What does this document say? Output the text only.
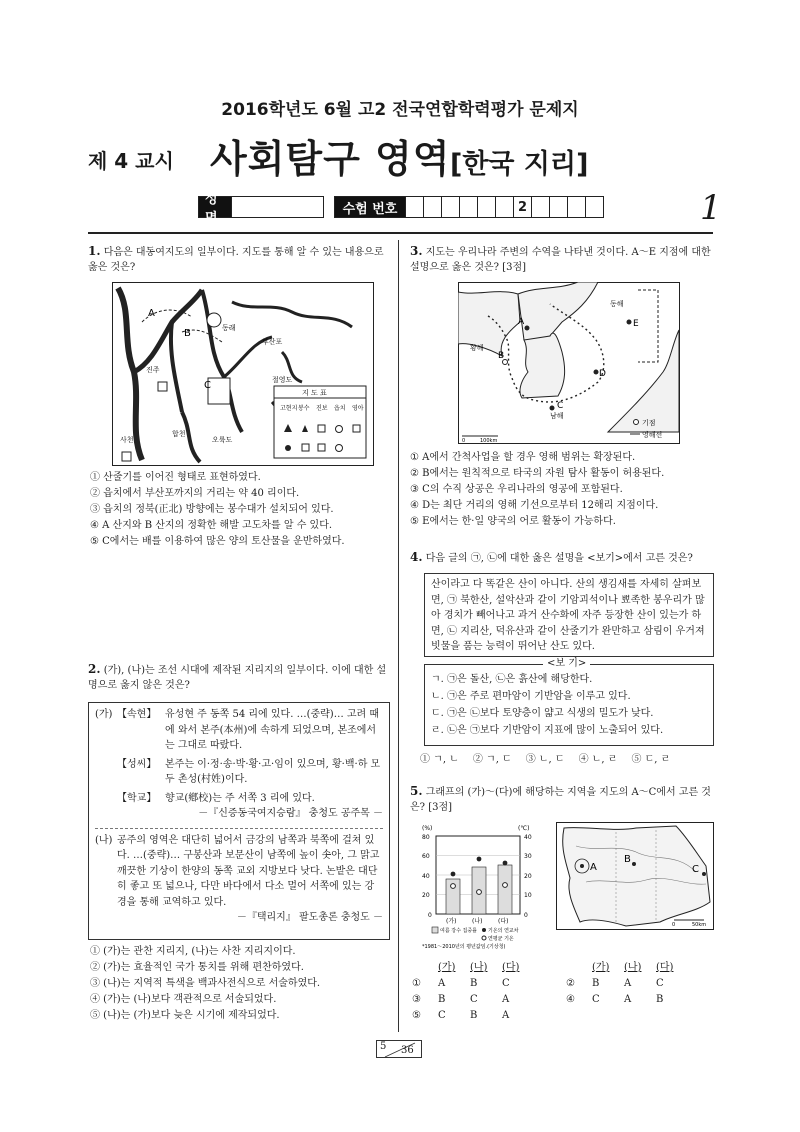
2016학년도 6월 고2 전국연합학력평가 문제지
제 4 교시 사회탐구 영역 [한국 지리]
성명
수험 번호	2	1
1. 다음은 대동여지도의 일부이다. 지도를 통해 알 수 있는 내용으로 옳은 것은?
A
B
C
동래
부산포
절영도
오륙도
합천
진주
사천
지 도 표
고현지 봉수 진보 읍치 영아
① 산줄기를 이어진 형태로 표현하였다.
② 읍치에서 부산포까지의 거리는 약 40 리이다.
③ 읍치의 정북(正北) 방향에는 봉수대가 설치되어 있다.
④ A 산지와 B 산지의 정확한 해발 고도차를 알 수 있다.
⑤ C에서는 배를 이용하여 많은 양의 토산물을 운반하였다.
2. (가), (나)는 조선 시대에 제작된 지리지의 일부이다. 이에 대한 설명으로 옳지 않은 것은?
(가) 【속현】 유성현 주 동쪽 54 리에 있다. …(중략)… 고려 때에 와서 본주(本州)에 속하게 되었으며, 본조에서는 그대로 따랐다.
【성씨】 본주는 이·정·송·박·황·고·임이 있으며, 황·백·하 모두 촌성(村姓)이다.
【학교】 향교(鄕校)는 주 서쪽 3 리에 있다.
－『신증동국여지승람』 충청도 공주목 －
(나) 공주의 영역은 대단히 넓어서 금강의 남쪽과 북쪽에 걸쳐 있다. …(중략)… 구봉산과 보문산이 남쪽에 높이 솟아, 그 맑고 깨끗한 기상이 한양의 동쪽 교외 지방보다 낫다. 논밭은 대단히 좋고 또 넓으나, 다만 바다에서 다소 멀어 서쪽에 있는 강경을 통해 교역하고 있다.
－『택리지』 팔도총론 충청도 －
① (가)는 관찬 지리지, (나)는 사찬 지리지이다.
② (가)는 효율적인 국가 통치를 위해 편찬하였다.
③ (나)는 지역적 특색을 백과사전식으로 서술하였다.
④ (가)는 (나)보다 객관적으로 서술되었다.
⑤ (나)는 (가)보다 늦은 시기에 제작되었다.
3. 지도는 우리나라 주변의 수역을 나타낸 것이다. A～E 지점에 대한 설명으로 옳은 것은? [3점]
A
B
C
D
E
동해
황해
남해
0	100km
기점
영해선
① A에서 간척사업을 할 경우 영해 범위는 확장된다.
② B에서는 원칙적으로 타국의 자원 탐사 활동이 허용된다.
③ C의 수직 상공은 우리나라의 영공에 포함된다.
④ D는 최단 거리의 영해 기선으로부터 12해리 지점이다.
⑤ E에서는 한·일 양국의 어로 활동이 가능하다.
4. 다음 글의 ㉠, ㉡에 대한 옳은 설명을 <보기>에서 고른 것은?
산이라고 다 똑같은 산이 아니다. 산의 생김새를 자세히 살펴보면, ㉠ 북한산, 설악산과 같이 기암괴석이나 뾰족한 봉우리가 많아 경치가 빼어나고 과거 산수화에 자주 등장한 산이 있는가 하면, ㉡ 지리산, 덕유산과 같이 산줄기가 완만하고 삼림이 우거져 빗물을 품는 능력이 뛰어난 산도 있다.
<보 기>
ㄱ. ㉠은 돌산, ㉡은 흙산에 해당한다.
ㄴ. ㉠은 주로 편마암이 기반암을 이루고 있다.
ㄷ. ㉠은 ㉡보다 토양층이 얇고 식생의 밀도가 낮다.
ㄹ. ㉡은 ㉠보다 기반암이 지표에 많이 노출되어 있다.
① ㄱ, ㄴ ② ㄱ, ㄷ ③ ㄴ, ㄷ ④ ㄴ, ㄹ ⑤ ㄷ, ㄹ
5. 그래프의 (가)～(다)에 해당하는 지역을 지도의 A～C에서 고른 것은? [3점]
(%)	(℃)
80
60
40
20
0
40
30
20
10
0
(가)	(나)	(다)
여름 강수 집중률 기온의 연교차
연평균 기온
*1981～2010년의 평년값임.(기상청)
A
B
C
0	50km
(가)	(나)	(다)
①	A	B	C
③	B	C	A
⑤	C	B	A
(가)	(나)	(다)
②	B	A	C
④	C	A	B
5 36
